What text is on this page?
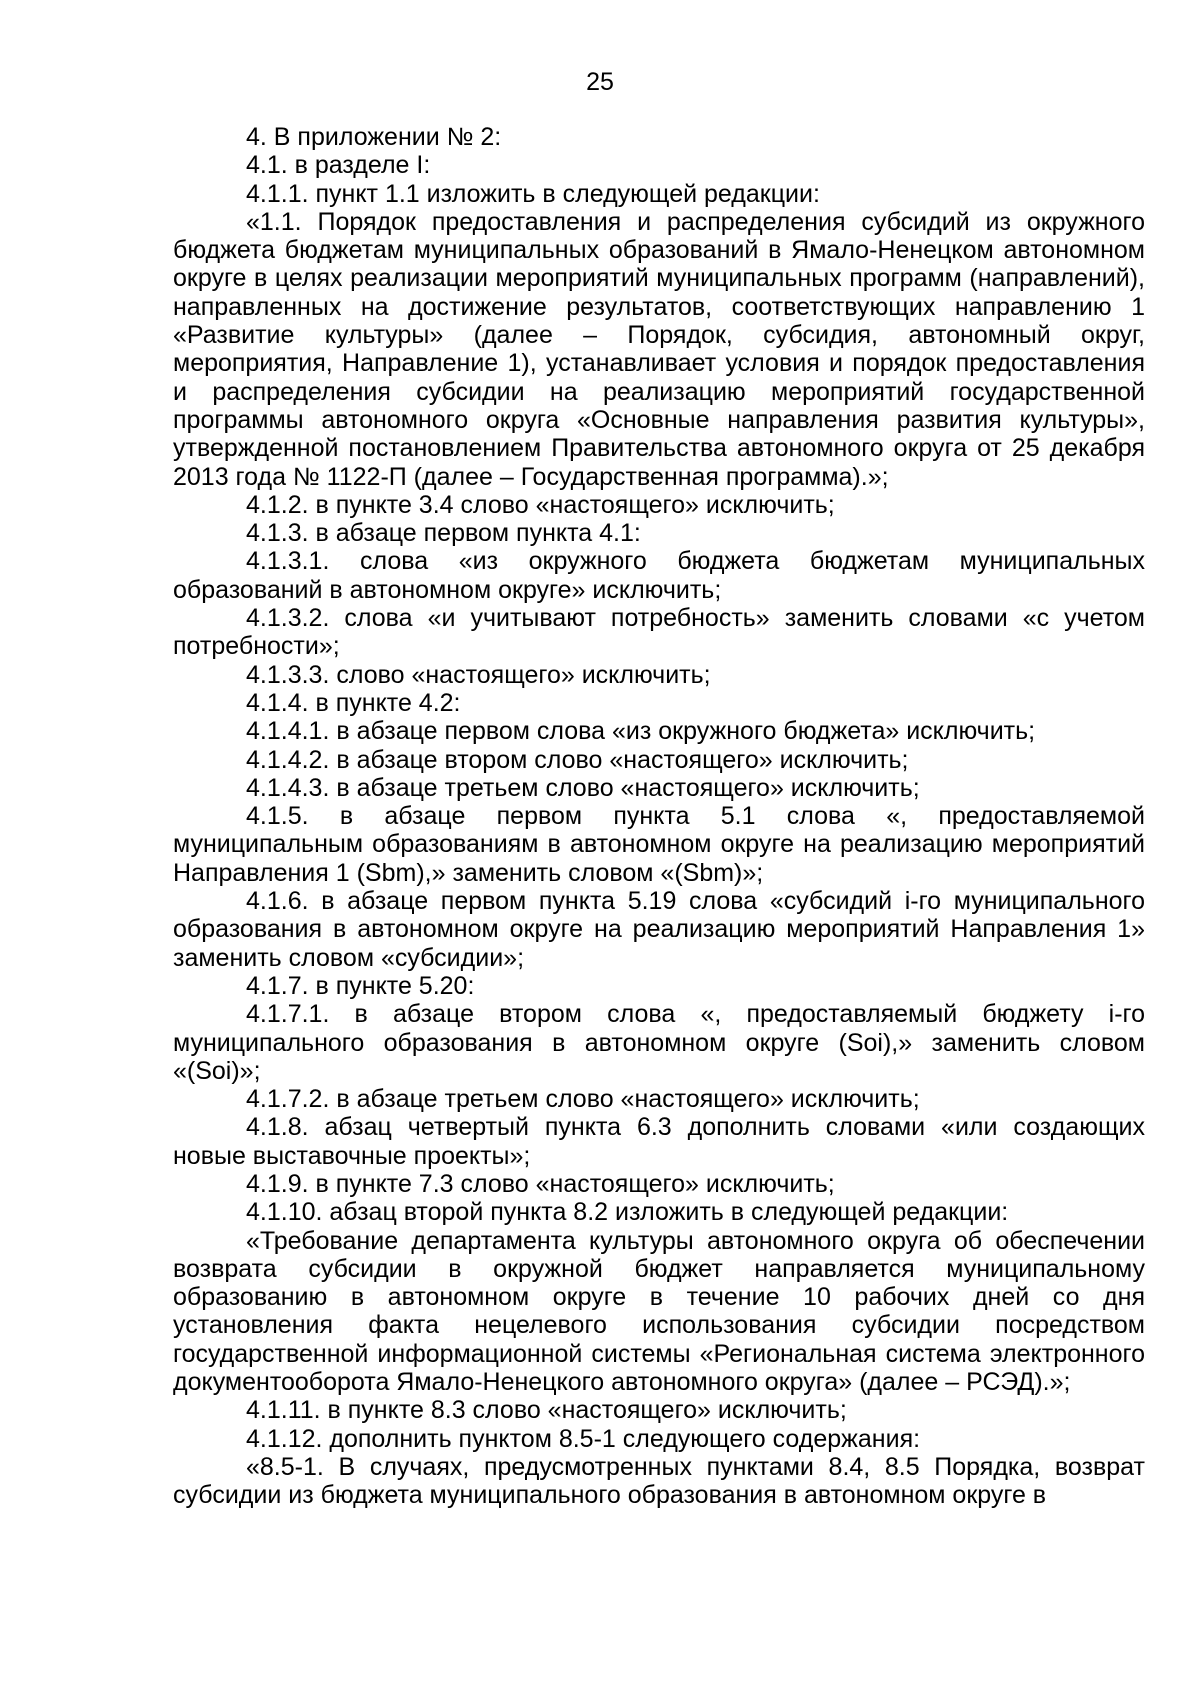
25

4. В приложении № 2:

4.1. в разделе I:

4.1.1. пункт 1.1 изложить в следующей редакции:

«1.1. Порядок предоставления и распределения субсидий из окружного бюджета бюджетам муниципальных образований в Ямало-Ненецком автономном округе в целях реализации мероприятий муниципальных программ (направлений), направленных на достижение результатов, соответствующих направлению 1 «Развитие культуры» (далее – Порядок, субсидия, автономный округ, мероприятия, Направление 1), устанавливает условия и порядок предоставления и распределения субсидии на реализацию мероприятий государственной программы автономного округа «Основные направления развития культуры», утвержденной постановлением Правительства автономного округа от 25 декабря 2013 года № 1122-П (далее – Государственная программа).»;

4.1.2. в пункте 3.4 слово «настоящего» исключить;

4.1.3. в абзаце первом пункта 4.1:

4.1.3.1. слова «из окружного бюджета бюджетам муниципальных образований в автономном округе» исключить;

4.1.3.2. слова «и учитывают потребность» заменить словами «с учетом потребности»;

4.1.3.3. слово «настоящего» исключить;

4.1.4. в пункте 4.2:

4.1.4.1. в абзаце первом слова «из окружного бюджета» исключить;

4.1.4.2. в абзаце втором слово «настоящего» исключить;

4.1.4.3. в абзаце третьем слово «настоящего» исключить;

4.1.5. в абзаце первом пункта 5.1 слова «, предоставляемой муниципальным образованиям в автономном округе на реализацию мероприятий Направления 1 (Sbm),» заменить словом «(Sbm)»;

4.1.6. в абзаце первом пункта 5.19 слова «субсидий i-го муниципального образования в автономном округе на реализацию мероприятий Направления 1» заменить словом «субсидии»;

4.1.7. в пункте 5.20:

4.1.7.1. в абзаце втором слова «, предоставляемый бюджету i-го муниципального образования в автономном округе (Soi),» заменить словом «(Soi)»;

4.1.7.2. в абзаце третьем слово «настоящего» исключить;

4.1.8. абзац четвертый пункта 6.3 дополнить словами «или создающих новые выставочные проекты»;

4.1.9. в пункте 7.3 слово «настоящего» исключить;

4.1.10. абзац второй пункта 8.2 изложить в следующей редакции:

«Требование департамента культуры автономного округа об обеспечении возврата субсидии в окружной бюджет направляется муниципальному образованию в автономном округе в течение 10 рабочих дней со дня установления факта нецелевого использования субсидии посредством государственной информационной системы «Региональная система электронного документооборота Ямало-Ненецкого автономного округа» (далее – РСЭД).»;

4.1.11. в пункте 8.3 слово «настоящего» исключить;

4.1.12. дополнить пунктом 8.5-1 следующего содержания:

«8.5-1. В случаях, предусмотренных пунктами 8.4, 8.5 Порядка, возврат субсидии из бюджета муниципального образования в автономном округе в
